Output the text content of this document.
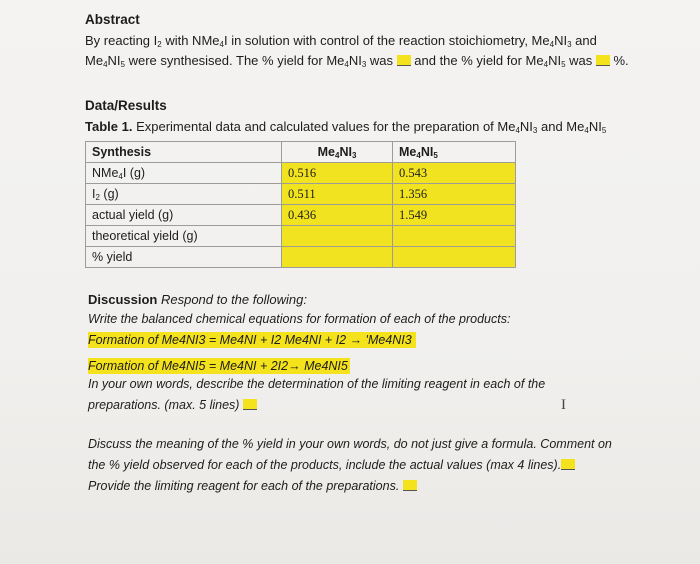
Abstract
By reacting $I_2$ with NMe$_4$I in solution with control of the reaction stoichiometry, $Me_4NI_3$ and
$Me_4NI_5$ were synthesised. The % yield for $Me_4NI_3$ was  and the % yield for $Me_4NI_5$ was  %.
Data/Results
Table 1. Experimental data and calculated values for the preparation of $Me_4NI_3$ and $Me_4NI_5$
Synthesis	$Me_4NI_3$	$Me_4NI_5$
NMe$_4$I (g)	0.516	0.543
$I_2$ (g)	0.511	1.356
actual yield (g)	0.436	1.549
theoretical yield (g)		
% yield		
Discussion Respond to the following:
Write the balanced chemical equations for formation of each of the products:
Formation of Me4NI3 = Me4NI + I2 Me4NI + I2 → 'Me4NI3
Formation of Me4NI5 = Me4NI + 2I2→ Me4NI5
In your own words, describe the determination of the limiting reagent in each of the
preparations. (max. 5 lines)	I
Discuss the meaning of the % yield in your own words, do not just give a formula. Comment on
the % yield observed for each of the products, include the actual values (max 4 lines).
Provide the limiting reagent for each of the preparations.
